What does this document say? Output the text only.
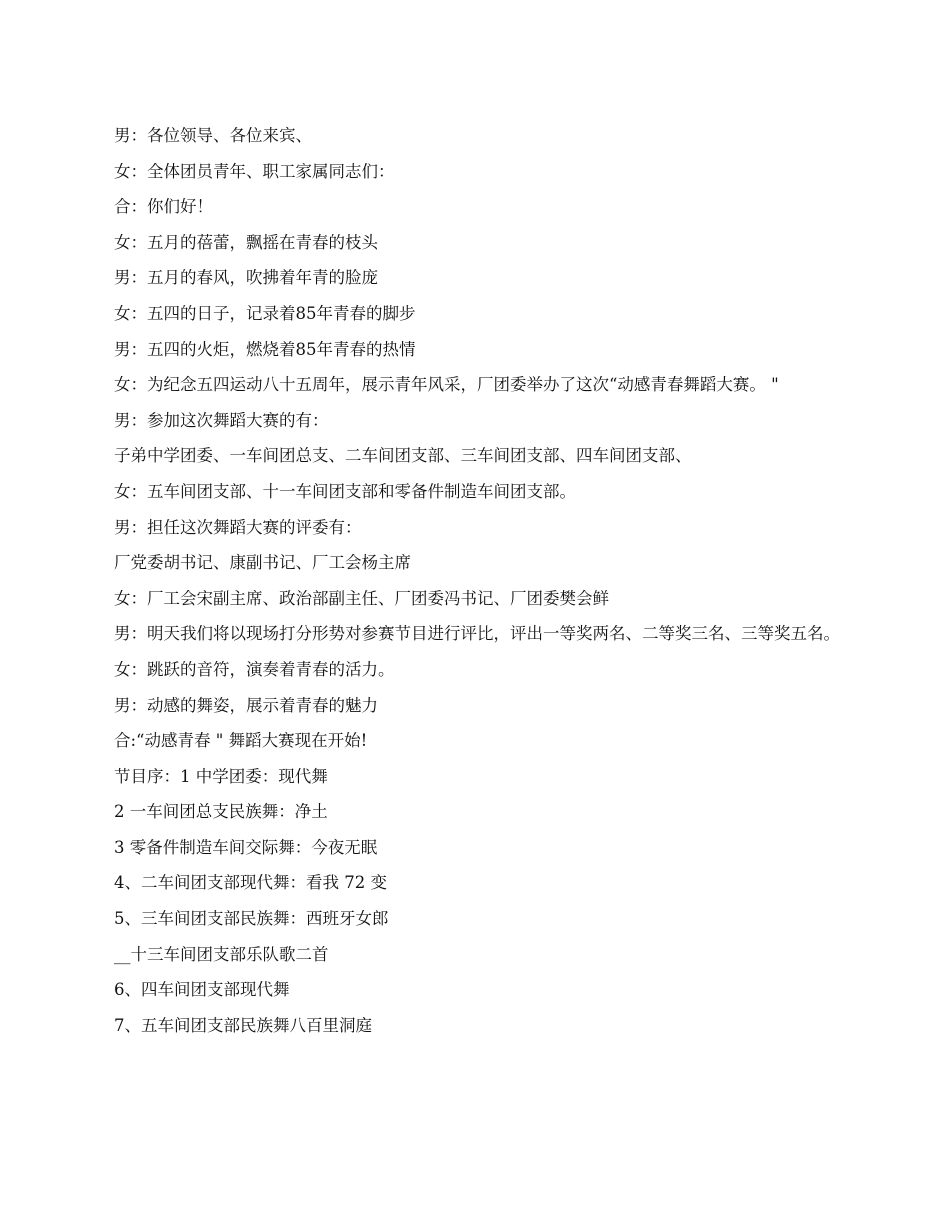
男：各位领导、各位来宾、

女：全体团员青年、职工家属同志们：

合：你们好！

女：五月的蓓蕾，飘摇在青春的枝头

男：五月的春风，吹拂着年青的脸庞

女：五四的日子，记录着85年青春的脚步

男：五四的火炬，燃烧着85年青春的热情

女：为纪念五四运动八十五周年，展示青年风采，厂团委举办了这次“动感青春舞蹈大赛。 "

男：参加这次舞蹈大赛的有：

子弟中学团委、一车间团总支、二车间团支部、三车间团支部、四车间团支部、

女：五车间团支部、十一车间团支部和零备件制造车间团支部。

男：担任这次舞蹈大赛的评委有：

厂党委胡书记、康副书记、厂工会杨主席

女：厂工会宋副主席、政治部副主任、厂团委冯书记、厂团委樊会鲜

男：明天我们将以现场打分形势对参赛节目进行评比，评出一等奖两名、二等奖三名、三等奖五名。

女：跳跃的音符，演奏着青春的活力。

男：动感的舞姿，展示着青春的魅力

合:“动感青春 " 舞蹈大赛现在开始!

节目序：1 中学团委：现代舞

2 一车间团总支民族舞：净土

3 零备件制造车间交际舞：今夜无眠

4、二车间团支部现代舞：看我 72 变

5、三车间团支部民族舞：西班牙女郎

__十三车间团支部乐队歌二首

6、四车间团支部现代舞

7、五车间团支部民族舞八百里洞庭
